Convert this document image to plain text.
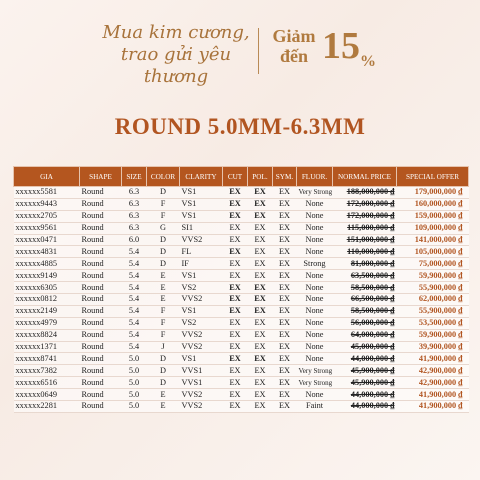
Mua kim cương,
trao gửi yêu thương
Giảm
đến 15%
ROUND 5.0MM-6.3MM
GIA	SHAPE	SIZE	COLOR	CLARITY	CUT	POL.	SYM.	FLUOR.	NORMAL PRICE	SPECIAL OFFER
xxxxxx5581	Round	6.3	D	VS1	EX	EX	EX	Very Strong	188,000,000 ₫	179,000,000 ₫
xxxxxx9443	Round	6.3	F	VS1	EX	EX	EX	None	172,000,000 ₫	160,000,000 ₫
xxxxxx2705	Round	6.3	F	VS1	EX	EX	EX	None	172,000,000 ₫	159,000,000 ₫
xxxxxx9561	Round	6.3	G	SI1	EX	EX	EX	None	115,000,000 ₫	109,000,000 ₫
xxxxxx0471	Round	6.0	D	VVS2	EX	EX	EX	None	151,000,000 ₫	141,000,000 ₫
xxxxxx4831	Round	5.4	D	FL	EX	EX	EX	None	110,000,000 ₫	105,000,000 ₫
xxxxxx4885	Round	5.4	D	IF	EX	EX	EX	Strong	81,000,000 ₫	75,000,000 ₫
xxxxxx9149	Round	5.4	E	VS1	EX	EX	EX	None	63,500,000 ₫	59,900,000 ₫
xxxxxx6305	Round	5.4	E	VS2	EX	EX	EX	None	58,500,000 ₫	55,900,000 ₫
xxxxxx0812	Round	5.4	E	VVS2	EX	EX	EX	None	66,500,000 ₫	62,000,000 ₫
xxxxxx2149	Round	5.4	F	VS1	EX	EX	EX	None	58,500,000 ₫	55,900,000 ₫
xxxxxx4979	Round	5.4	F	VS2	EX	EX	EX	None	56,000,000 ₫	53,500,000 ₫
xxxxxx8824	Round	5.4	F	VVS2	EX	EX	EX	None	64,000,000 ₫	59,900,000 ₫
xxxxxx1371	Round	5.4	J	VVS2	EX	EX	EX	None	45,000,000 ₫	39,900,000 ₫
xxxxxx8741	Round	5.0	D	VS1	EX	EX	EX	None	44,000,000 ₫	41,900,000 ₫
xxxxxx7382	Round	5.0	D	VVS1	EX	EX	EX	Very Strong	45,900,000 ₫	42,900,000 ₫
xxxxxx6516	Round	5.0	D	VVS1	EX	EX	EX	Very Strong	45,900,000 ₫	42,900,000 ₫
xxxxxx0649	Round	5.0	E	VVS2	EX	EX	EX	None	44,000,000 ₫	41,900,000 ₫
xxxxxx2281	Round	5.0	E	VVS2	EX	EX	EX	Faint	44,000,000 ₫	41,900,000 ₫
